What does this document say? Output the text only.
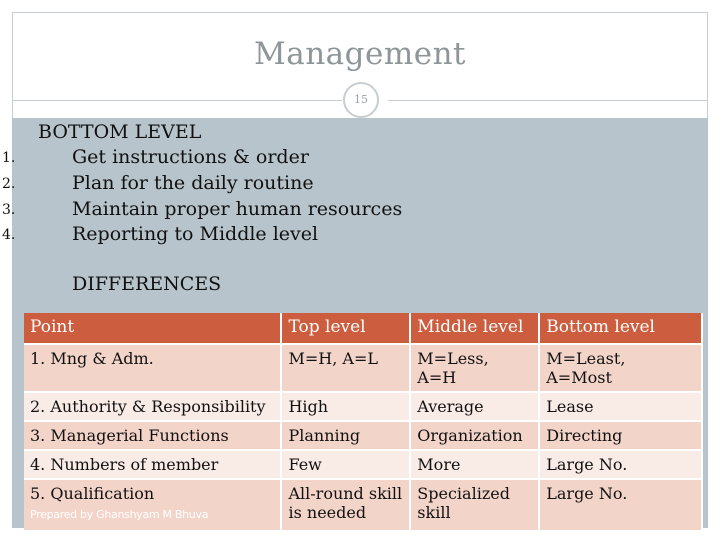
Management
15
BOTTOM LEVEL
1.	Get instructions & order
2.	Plan for the daily routine
3.	Maintain proper human resources
4.	Reporting to Middle level
DIFFERENCES
Point	Top level	Middle level	Bottom level
1. Mng & Adm.	M=H, A=L	M=Less, A=H	M=Least, A=Most
2. Authority & Responsibility	High	Average	Lease
3. Managerial Functions	Planning	Organization	Directing
4. Numbers of member	Few	More	Large No.
5. Qualification	All-round skill is needed	Specialized skill	Large No.
Prepared by Ghanshyam M Bhuva
